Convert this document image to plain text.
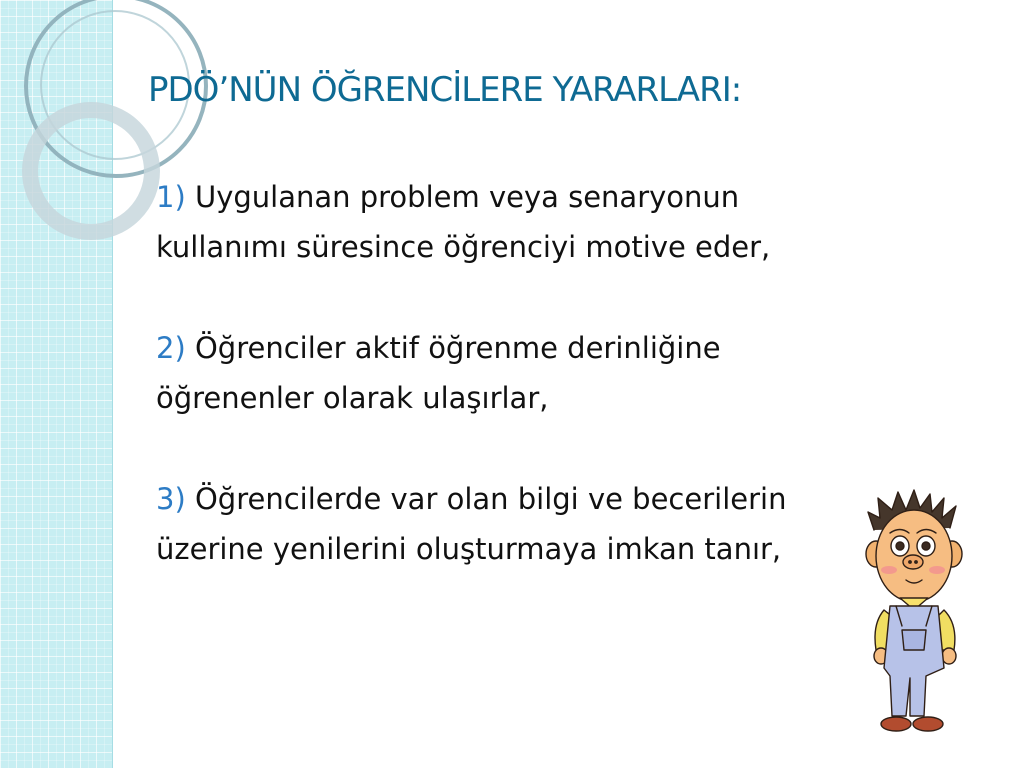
PDÖ’NÜN ÖĞRENCİLERE YARARLARI:
1) Uygulanan problem veya senaryonun kullanımı süresince öğrenciyi motive eder,
2) Öğrenciler aktif öğrenme derinliğine öğrenenler olarak ulaşırlar,
3) Öğrencilerde var olan bilgi ve becerilerin üzerine yenilerini oluşturmaya imkan tanır,
